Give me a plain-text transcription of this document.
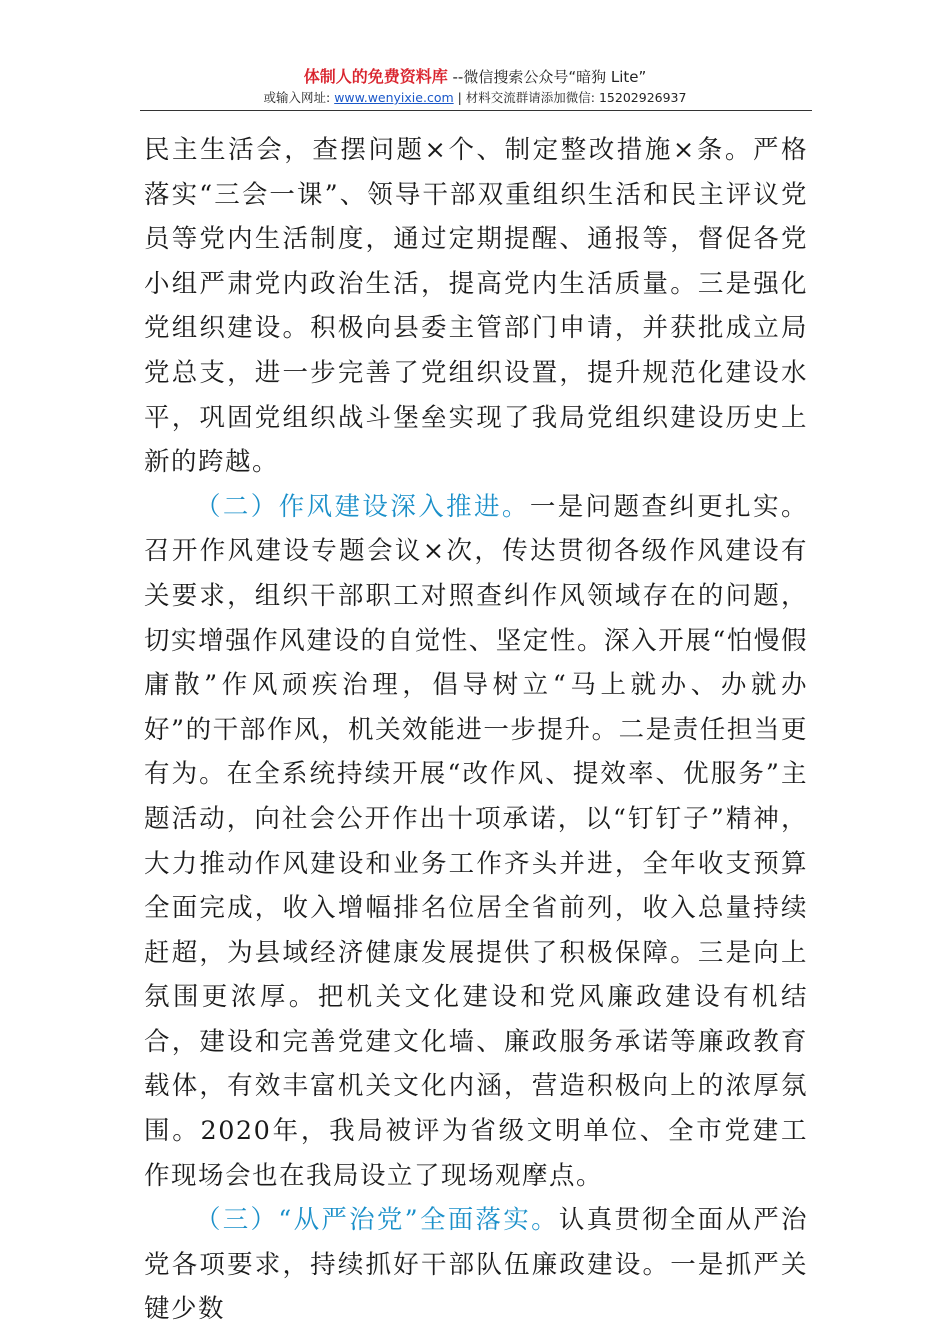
体制人的免费资料库 --微信搜索公众号“暗狗 Lite”
或输入网址: www.wenyixie.com | 材料交流群请添加微信: 15202926937

民主生活会，查摆问题×个、制定整改措施×条。严格落实“三会一课”、领导干部双重组织生活和民主评议党员等党内生活制度，通过定期提醒、通报等，督促各党小组严肃党内政治生活，提高党内生活质量。三是强化党组织建设。积极向县委主管部门申请，并获批成立局党总支，进一步完善了党组织设置，提升规范化建设水平，巩固党组织战斗堡垒实现了我局党组织建设历史上新的跨越。

（二）作风建设深入推进。一是问题查纠更扎实。召开作风建设专题会议×次，传达贯彻各级作风建设有关要求，组织干部职工对照查纠作风领域存在的问题，切实增强作风建设的自觉性、坚定性。深入开展“怕慢假庸散”作风顽疾治理，倡导树立“马上就办、办就办好”的干部作风，机关效能进一步提升。二是责任担当更有为。在全系统持续开展“改作风、提效率、优服务”主题活动，向社会公开作出十项承诺，以“钉钉子”精神，大力推动作风建设和业务工作齐头并进，全年收支预算全面完成，收入增幅排名位居全省前列，收入总量持续赶超，为县域经济健康发展提供了积极保障。三是向上氛围更浓厚。把机关文化建设和党风廉政建设有机结合，建设和完善党建文化墙、廉政服务承诺等廉政教育载体，有效丰富机关文化内涵，营造积极向上的浓厚氛围。2020年，我局被评为省级文明单位、全市党建工作现场会也在我局设立了现场观摩点。

（三）“从严治党”全面落实。认真贯彻全面从严治党各项要求，持续抓好干部队伍廉政建设。一是抓严关键少数
